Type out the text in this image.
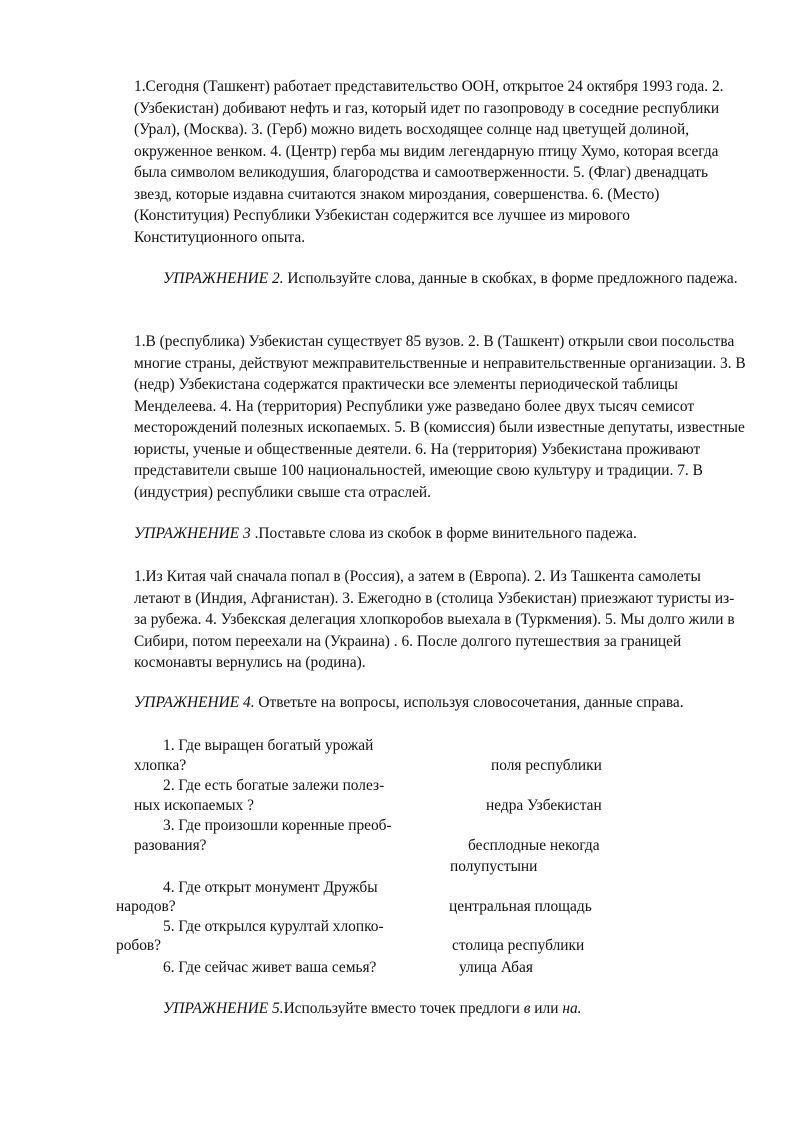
1.Сегодня (Ташкент) работает представительство ООН, открытое 24 октября 1993 года. 2. (Узбекистан) добивают нефть и газ, который идет по газопроводу в соседние республики (Урал), (Москва). 3. (Герб) можно видеть восходящее солнце над цветущей долиной, окруженное венком. 4. (Центр) герба мы видим легендарную птицу Хумо, которая всегда была символом великодушия, благородства и самоотверженности. 5. (Флаг) двенадцать звезд, которые издавна считаются знаком мироздания, совершенства. 6. (Место) (Конституция) Республики Узбекистан содержится все лучшее из мирового Конституционного опыта.

УПРАЖНЕНИЕ 2. Используйте слова, данные в скобках, в форме предложного падежа.

1.В (республика) Узбекистан существует 85 вузов. 2. В (Ташкент) открыли свои посольства многие страны, действуют межправительственные и неправительственные организации. 3. В (недр) Узбекистана содержатся практически все элементы периодической таблицы Менделеева. 4. На (территория) Республики уже разведано более двух тысяч семисот месторождений полезных ископаемых. 5. В (комиссия) были известные депутаты, известные юристы, ученые и общественные деятели. 6. На (территория) Узбекистана проживают представители свыше 100 национальностей, имеющие свою культуру и традиции. 7. В (индустрия) республики свыше ста отраслей.

УПРАЖНЕНИЕ 3 .Поставьте слова из скобок в форме винительного падежа.

1.Из Китая чай сначала попал в (Россия), а затем в (Европа). 2. Из Ташкента самолеты летают в (Индия, Афганистан). 3. Ежегодно в (столица Узбекистан) приезжают туристы из-за рубежа. 4. Узбекская делегация хлопкоробов выехала в (Туркмения). 5. Мы долго жили в Сибири, потом переехали на (Украина) . 6. После долгого путешествия за границей космонавты вернулись на (родина).

УПРАЖНЕНИЕ 4. Ответьте на вопросы, используя словосочетания, данные справа.

1. Где выращен богатый урожай
хлопка?	поля республики
2. Где есть богатые залежи полез-
ных ископаемых ?	недра Узбекистан
3. Где произошли коренные преоб-
разования?	бесплодные некогда
полупустыни
4. Где открыт монумент Дружбы
народов?	центральная площадь
5. Где открылся курултай хлопко-
робов?	столица республики
6. Где сейчас живет ваша семья?	улица Абая

УПРАЖНЕНИЕ 5.Используйте вместо точек предлоги в или на.
